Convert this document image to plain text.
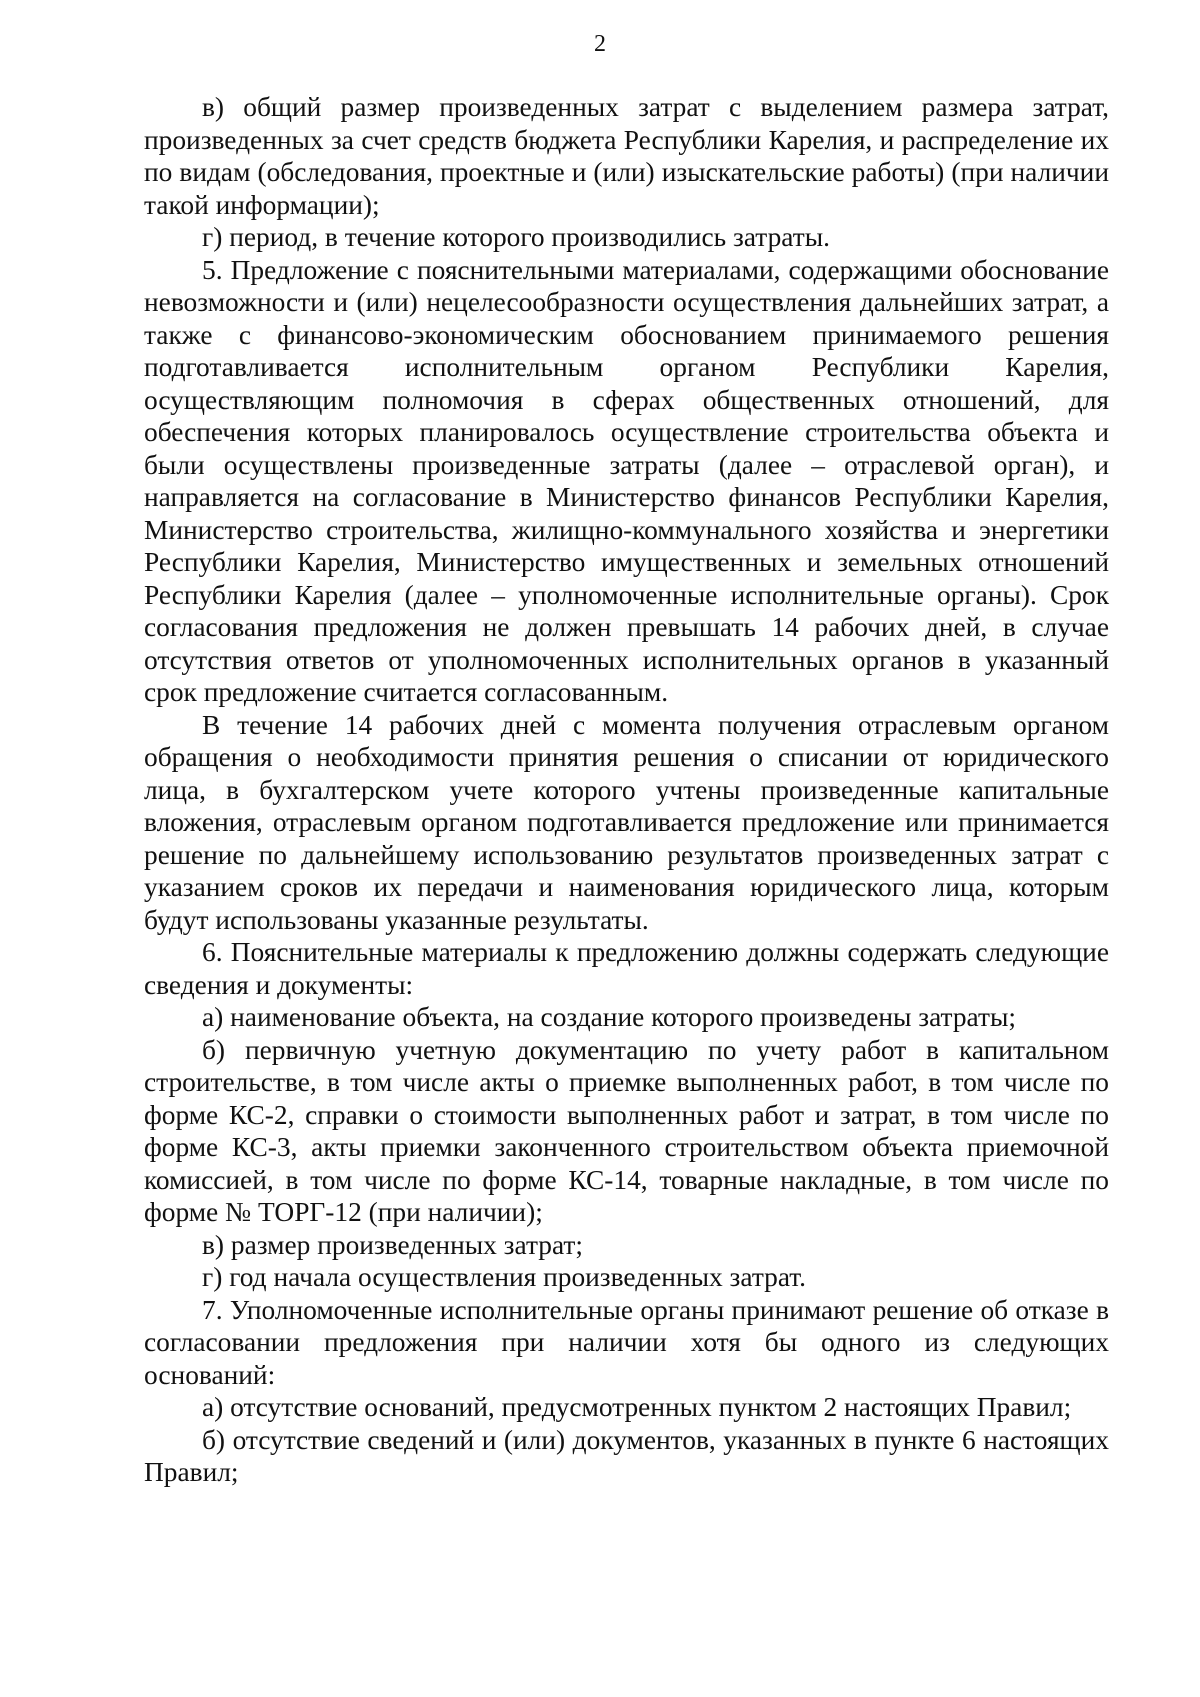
2

в) общий размер произведенных затрат с выделением размера затрат, произведенных за счет средств бюджета Республики Карелия, и распределение их по видам (обследования, проектные и (или) изыскательские работы) (при наличии такой информации);

г) период, в течение которого производились затраты.

5. Предложение с пояснительными материалами, содержащими обоснование невозможности и (или) нецелесообразности осуществления дальнейших затрат, а также с финансово-экономическим обоснованием принимаемого решения подготавливается исполнительным органом Республики Карелия, осуществляющим полномочия в сферах общественных отношений, для обеспечения которых планировалось осуществление строительства объекта и были осуществлены произведенные затраты (далее – отраслевой орган), и направляется на согласование в Министерство финансов Республики Карелия, Министерство строительства, жилищно-коммунального хозяйства и энергетики Республики Карелия, Министерство имущественных и земельных отношений Республики Карелия (далее – уполномоченные исполнительные органы). Срок согласования предложения не должен превышать 14 рабочих дней, в случае отсутствия ответов от уполномоченных исполнительных органов в указанный срок предложение считается согласованным.

В течение 14 рабочих дней с момента получения отраслевым органом обращения о необходимости принятия решения о списании от юридического лица, в бухгалтерском учете которого учтены произведенные капитальные вложения, отраслевым органом подготавливается предложение или принимается решение по дальнейшему использованию результатов произведенных затрат с указанием сроков их передачи и наименования юридического лица, которым будут использованы указанные результаты.

6. Пояснительные материалы к предложению должны содержать следующие сведения и документы:

а) наименование объекта, на создание которого произведены затраты;

б) первичную учетную документацию по учету работ в капитальном строительстве, в том числе акты о приемке выполненных работ, в том числе по форме КС-2, справки о стоимости выполненных работ и затрат, в том числе по форме КС-3, акты приемки законченного строительством объекта приемочной комиссией, в том числе по форме КС-14, товарные накладные, в том числе по форме № ТОРГ-12 (при наличии);

в) размер произведенных затрат;

г) год начала осуществления произведенных затрат.

7. Уполномоченные исполнительные органы принимают решение об отказе в согласовании предложения при наличии хотя бы одного из следующих оснований:

а) отсутствие оснований, предусмотренных пунктом 2 настоящих Правил;

б) отсутствие сведений и (или) документов, указанных в пункте 6 настоящих Правил;
